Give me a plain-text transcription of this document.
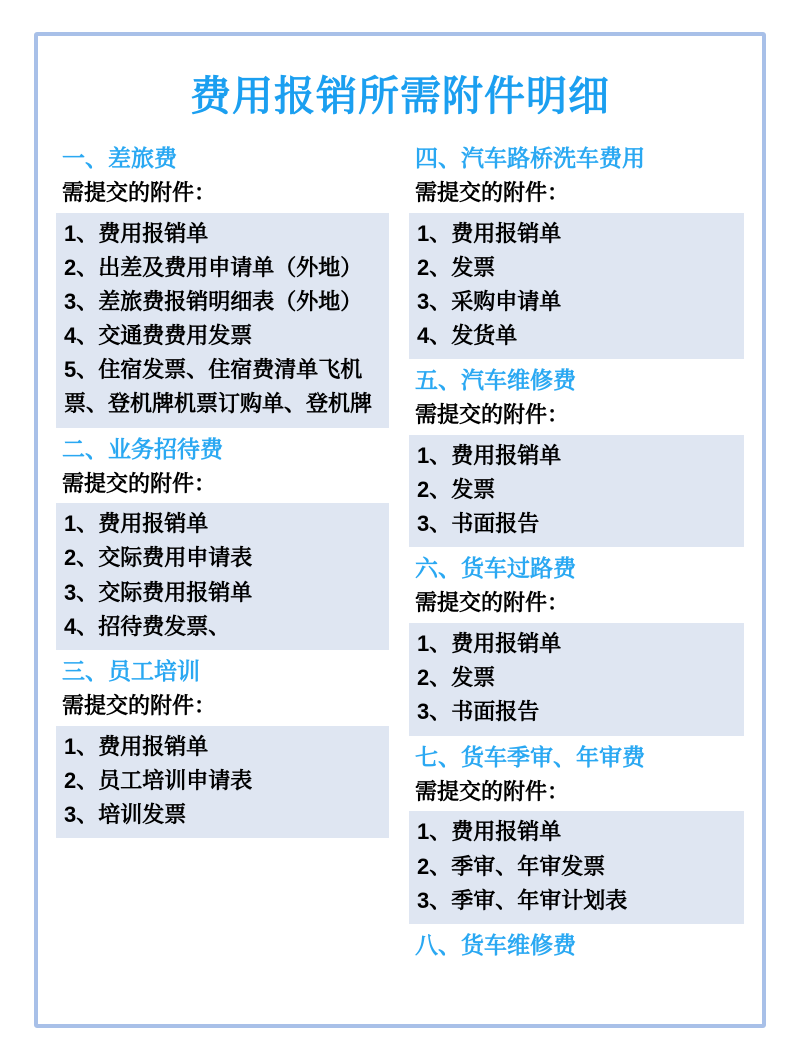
费用报销所需附件明细
一、差旅费
需提交的附件：
1、费用报销单
2、出差及费用申请单（外地）
3、差旅费报销明细表（外地）
4、交通费费用发票
5、住宿发票、住宿费清单飞机票、登机牌机票订购单、登机牌
二、业务招待费
需提交的附件：
1、费用报销单
2、交际费用申请表
3、交际费用报销单
4、招待费发票、
三、员工培训
需提交的附件：
1、费用报销单
2、员工培训申请表
3、培训发票
四、汽车路桥洗车费用
需提交的附件：
1、费用报销单
2、发票
3、采购申请单
4、发货单
五、汽车维修费
需提交的附件：
1、费用报销单
2、发票
3、书面报告
六、货车过路费
需提交的附件：
1、费用报销单
2、发票
3、书面报告
七、货车季审、年审费
需提交的附件：
1、费用报销单
2、季审、年审发票
3、季审、年审计划表
八、货车维修费
